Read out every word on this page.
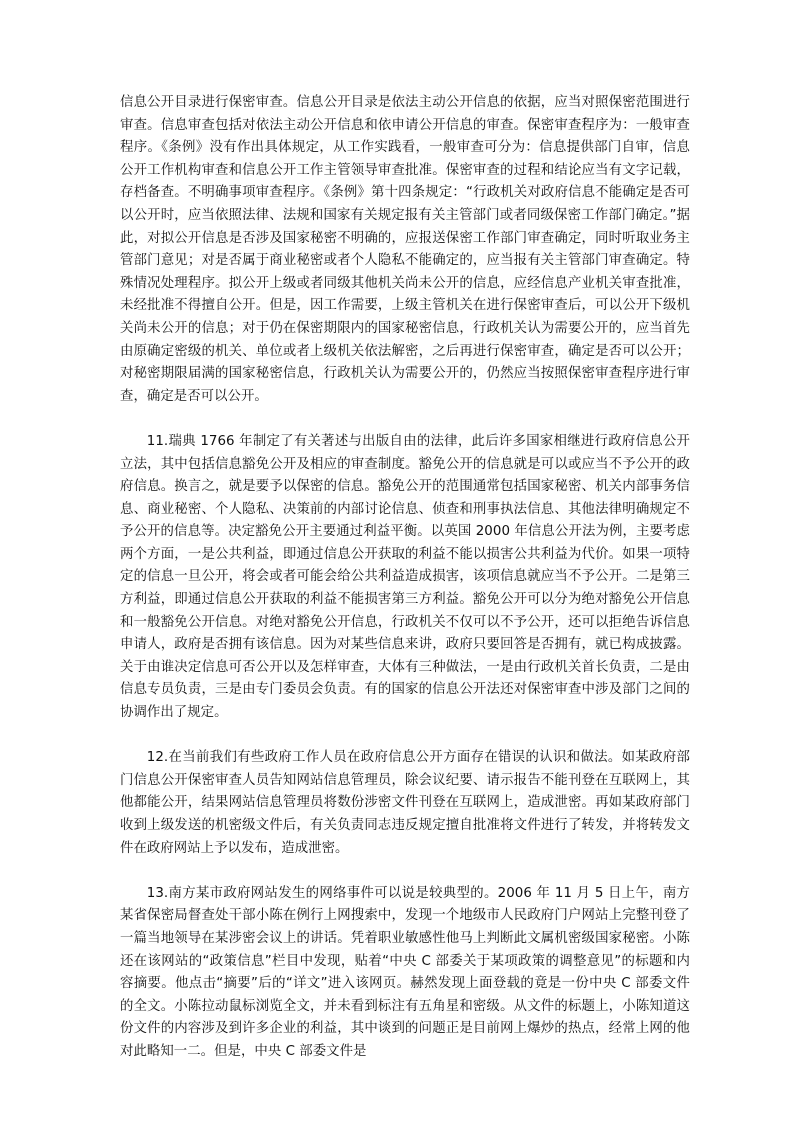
信息公开目录进行保密审查。信息公开目录是依法主动公开信息的依据，应当对照保密范围进行审查。信息审查包括对依法主动公开信息和依申请公开信息的审查。保密审查程序为：一般审查程序。《条例》没有作出具体规定，从工作实践看，一般审查可分为：信息提供部门自审，信息公开工作机构审查和信息公开工作主管领导审查批准。保密审查的过程和结论应当有文字记载，存档备查。不明确事项审查程序。《条例》第十四条规定：“行政机关对政府信息不能确定是否可以公开时，应当依照法律、法规和国家有关规定报有关主管部门或者同级保密工作部门确定。”据此，对拟公开信息是否涉及国家秘密不明确的，应报送保密工作部门审查确定，同时听取业务主管部门意见；对是否属于商业秘密或者个人隐私不能确定的，应当报有关主管部门审查确定。特殊情况处理程序。拟公开上级或者同级其他机关尚未公开的信息，应经信息产业机关审查批准，未经批准不得擅自公开。但是，因工作需要，上级主管机关在进行保密审查后，可以公开下级机关尚未公开的信息；对于仍在保密期限内的国家秘密信息，行政机关认为需要公开的，应当首先由原确定密级的机关、单位或者上级机关依法解密，之后再进行保密审查，确定是否可以公开；对秘密期限届满的国家秘密信息，行政机关认为需要公开的，仍然应当按照保密审查程序进行审查，确定是否可以公开。

11.瑞典 1766 年制定了有关著述与出版自由的法律，此后许多国家相继进行政府信息公开立法，其中包括信息豁免公开及相应的审查制度。豁免公开的信息就是可以或应当不予公开的政府信息。换言之，就是要予以保密的信息。豁免公开的范围通常包括国家秘密、机关内部事务信息、商业秘密、个人隐私、决策前的内部讨论信息、侦查和刑事执法信息、其他法律明确规定不予公开的信息等。决定豁免公开主要通过利益平衡。以英国 2000 年信息公开法为例，主要考虑两个方面，一是公共利益，即通过信息公开获取的利益不能以损害公共利益为代价。如果一项特定的信息一旦公开，将会或者可能会给公共利益造成损害，该项信息就应当不予公开。二是第三方利益，即通过信息公开获取的利益不能损害第三方利益。豁免公开可以分为绝对豁免公开信息和一般豁免公开信息。对绝对豁免公开信息，行政机关不仅可以不予公开，还可以拒绝告诉信息申请人，政府是否拥有该信息。因为对某些信息来讲，政府只要回答是否拥有，就已构成披露。关于由谁决定信息可否公开以及怎样审查，大体有三种做法，一是由行政机关首长负责，二是由信息专员负责，三是由专门委员会负责。有的国家的信息公开法还对保密审查中涉及部门之间的协调作出了规定。

12.在当前我们有些政府工作人员在政府信息公开方面存在错误的认识和做法。如某政府部门信息公开保密审查人员告知网站信息管理员，除会议纪要、请示报告不能刊登在互联网上，其他都能公开，结果网站信息管理员将数份涉密文件刊登在互联网上，造成泄密。再如某政府部门收到上级发送的机密级文件后，有关负责同志违反规定擅自批准将文件进行了转发，并将转发文件在政府网站上予以发布，造成泄密。

13.南方某市政府网站发生的网络事件可以说是较典型的。2006 年 11 月 5 日上午，南方某省保密局督查处干部小陈在例行上网搜索中，发现一个地级市人民政府门户网站上完整刊登了一篇当地领导在某涉密会议上的讲话。凭着职业敏感性他马上判断此文属机密级国家秘密。小陈还在该网站的“政策信息”栏目中发现，贴着“中央 C 部委关于某项政策的调整意见”的标题和内容摘要。他点击“摘要”后的“详文”进入该网页。赫然发现上面登载的竟是一份中央 C 部委文件的全文。小陈拉动鼠标浏览全文，并未看到标注有五角星和密级。从文件的标题上，小陈知道这份文件的内容涉及到许多企业的利益，其中谈到的问题正是目前网上爆炒的热点，经常上网的他对此略知一二。但是，中央 C 部委文件是
